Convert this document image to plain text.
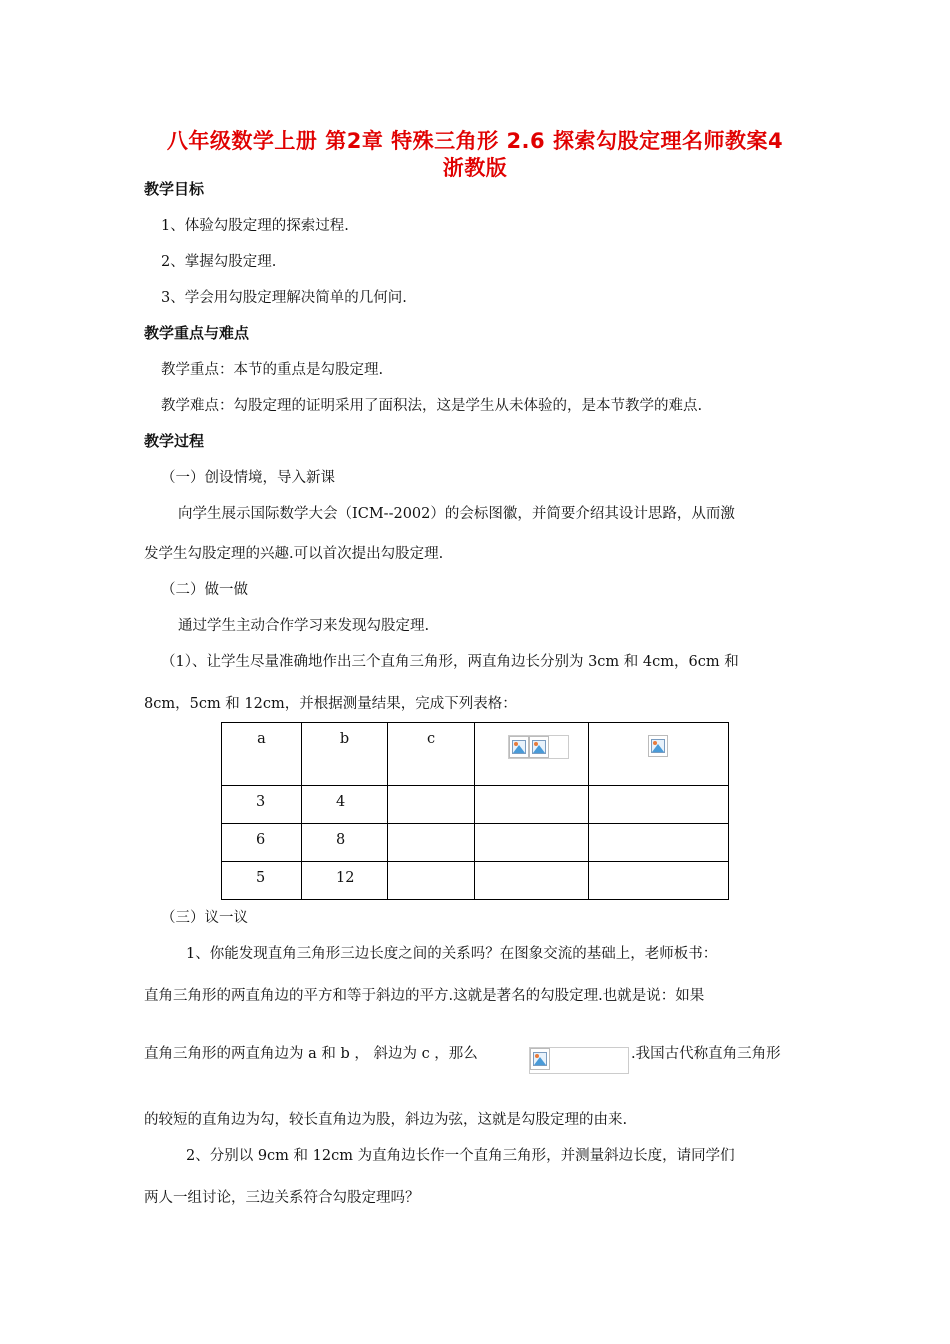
八年级数学上册 第2章 特殊三角形 2.6 探索勾股定理名师教案4
浙教版
教学目标
1、体验勾股定理的探索过程.
2、掌握勾股定理.
3、学会用勾股定理解决简单的几何问.
教学重点与难点
教学重点：本节的重点是勾股定理.
教学难点：勾股定理的证明采用了面积法，这是学生从未体验的，是本节教学的难点.
教学过程
（一）创设情境，导入新课
向学生展示国际数学大会（ICM--2002）的会标图徽，并简要介绍其设计思路，从而激
发学生勾股定理的兴趣.可以首次提出勾股定理.
（二）做一做
通过学生主动合作学习来发现勾股定理.
（1）、让学生尽量准确地作出三个直角三角形，两直角边长分别为 3cm 和 4cm，6cm 和
8cm，5cm 和 12cm，并根据测量结果，完成下列表格：
a	b	c	

3	4			
6	8			
5	12			
（三）议一议
1、你能发现直角三角形三边长度之间的关系吗？在图象交流的基础上，老师板书：
直角三角形的两直角边的平方和等于斜边的平方.这就是著名的勾股定理.也就是说：如果
直角三角形的两直角边为 a 和 b ， 斜边为 c ，那么	.我国古代称直角三角形
的较短的直角边为勾，较长直角边为股，斜边为弦，这就是勾股定理的由来.
2、分别以 9cm 和 12cm 为直角边长作一个直角三角形，并测量斜边长度，请同学们
两人一组讨论，三边关系符合勾股定理吗？
